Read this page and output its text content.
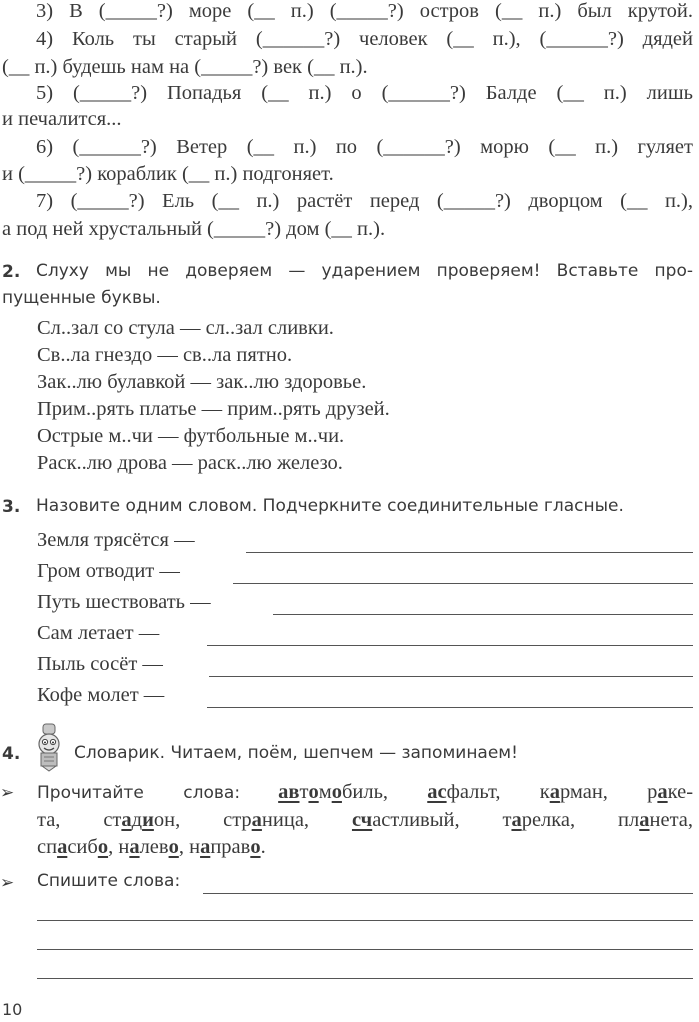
3) В (_____?) море (__ п.) (_____?) остров (__ п.) был крутой.
4) Коль ты старый (______?) человек (__ п.), (______?) дядей
(__ п.) будешь нам на (_____?) век (__ п.).
5) (_____?) Попадья (__ п.) о (______?) Балде (__ п.) лишь
и печалится...
6) (______?) Ветер (__ п.) по (______?) морю (__ п.) гуляет
и (_____?) кораблик (__ п.) подгоняет.
7) (_____?) Ель (__ п.) растёт перед (_____?) дворцом (__ п.),
а под ней хрустальный (_____?) дом (__ п.).
2. Слуху мы не доверяем — ударением проверяем! Вставьте про-
пущенные буквы.
Сл..зал со стула — сл..зал сливки.
Св..ла гнездо — св..ла пятно.
Зак..лю булавкой — зак..лю здоровье.
Прим..рять платье — прим..рять друзей.
Острые м..чи — футбольные м..чи.
Раск..лю дрова — раск..лю железо.
3. Назовите одним словом. Подчеркните соединительные гласные.
Земля трясётся —
Гром отводит —
Путь шествовать —
Сам летает —
Пыль сосёт —
Кофе молет —
4.	Словарик. Читаем, поём, шепчем — запоминаем!
➢ Прочитайте слова: автомобиль, асфальт, карман, раке-
та, стадион, страница, счастливый, тарелка, планета,
спасибо, налево, направо.
➢ Спишите слова:
10
